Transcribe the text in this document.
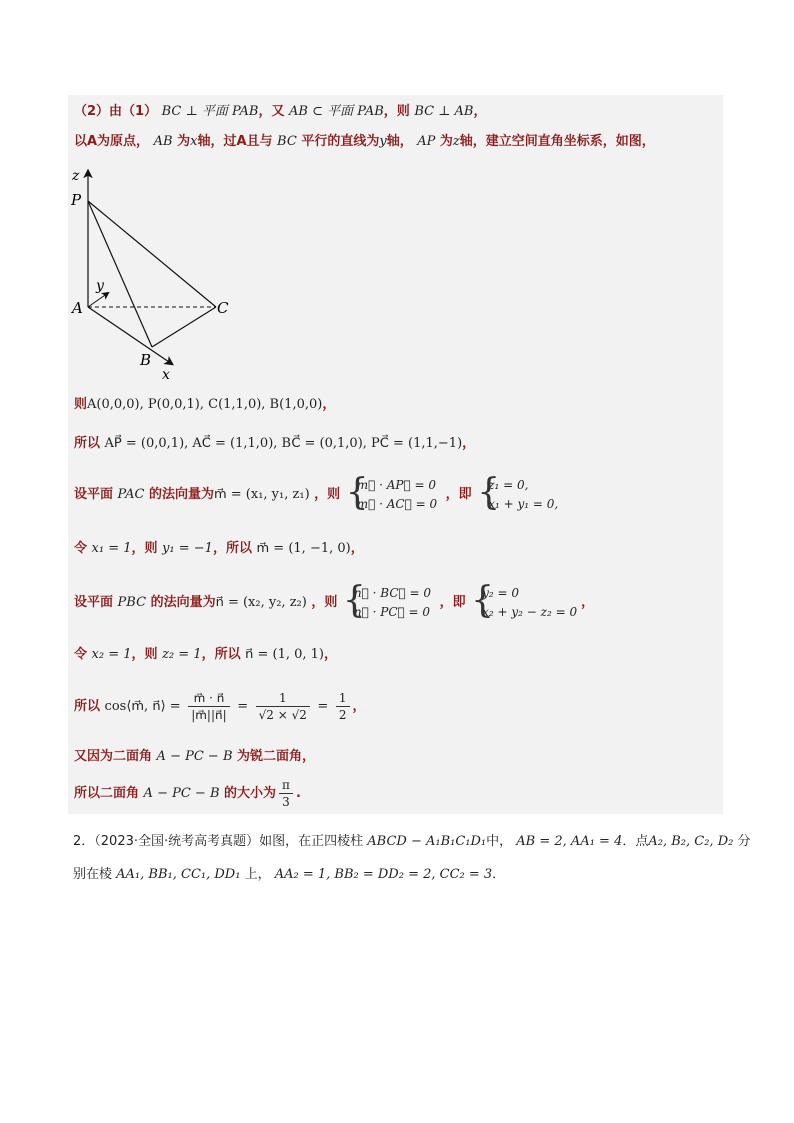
（2）由（1） BC ⊥ 平面 PAB，又 AB ⊂ 平面 PAB，则 BC ⊥ AB，
以A为原点， AB 为x轴，过A且与 BC 平行的直线为y轴， AP 为z轴，建立空间直角坐标系，如图，
则A(0,0,0), P(0,0,1), C(1,1,0), B(1,0,0)，
所以 AP⃗ = (0,0,1), AC⃗ = (1,1,0), BC⃗ = (0,1,0), PC⃗ = (1,1,−1)，
设平面 PAC 的法向量为m⃗ = (x₁, y₁, z₁) ，则
{ m⃗ · AP⃗ = 0
m⃗ · AC⃗ = 0
，即
{ z₁ = 0,
x₁ + y₁ = 0,
令 x₁ = 1，则 y₁ = −1，所以 m⃗ = (1, −1, 0)，
设平面 PBC 的法向量为n⃗ = (x₂, y₂, z₂) ，则
{ n⃗ · BC⃗ = 0
n⃗ · PC⃗ = 0
，即
{ y₂ = 0
x₂ + y₂ − z₂ = 0
，
令 x₂ = 1，则 z₂ = 1，所以 n⃗ = (1, 0, 1)，
所以 cos⟨m⃗, n⃗⟩ = $\frac{m⃗ \cdot n⃗}{|m⃗||n⃗|} = \frac{1}{√2 \times √2} = \frac{1}{2}$ ，
又因为二面角 A − PC − B 为锐二面角，
所以二面角 A − PC − B 的大小为 $\frac{\pi}{3}$ .
z
P
y
A	C
B
x
2．（2023·全国·统考高考真题）如图，在正四棱柱 ABCD − A₁B₁C₁D₁中， AB = 2, AA₁ = 4．点A₂, B₂, C₂, D₂ 分
别在棱 AA₁, BB₁, CC₁, DD₁ 上， AA₂ = 1, BB₂ = DD₂ = 2, CC₂ = 3．
